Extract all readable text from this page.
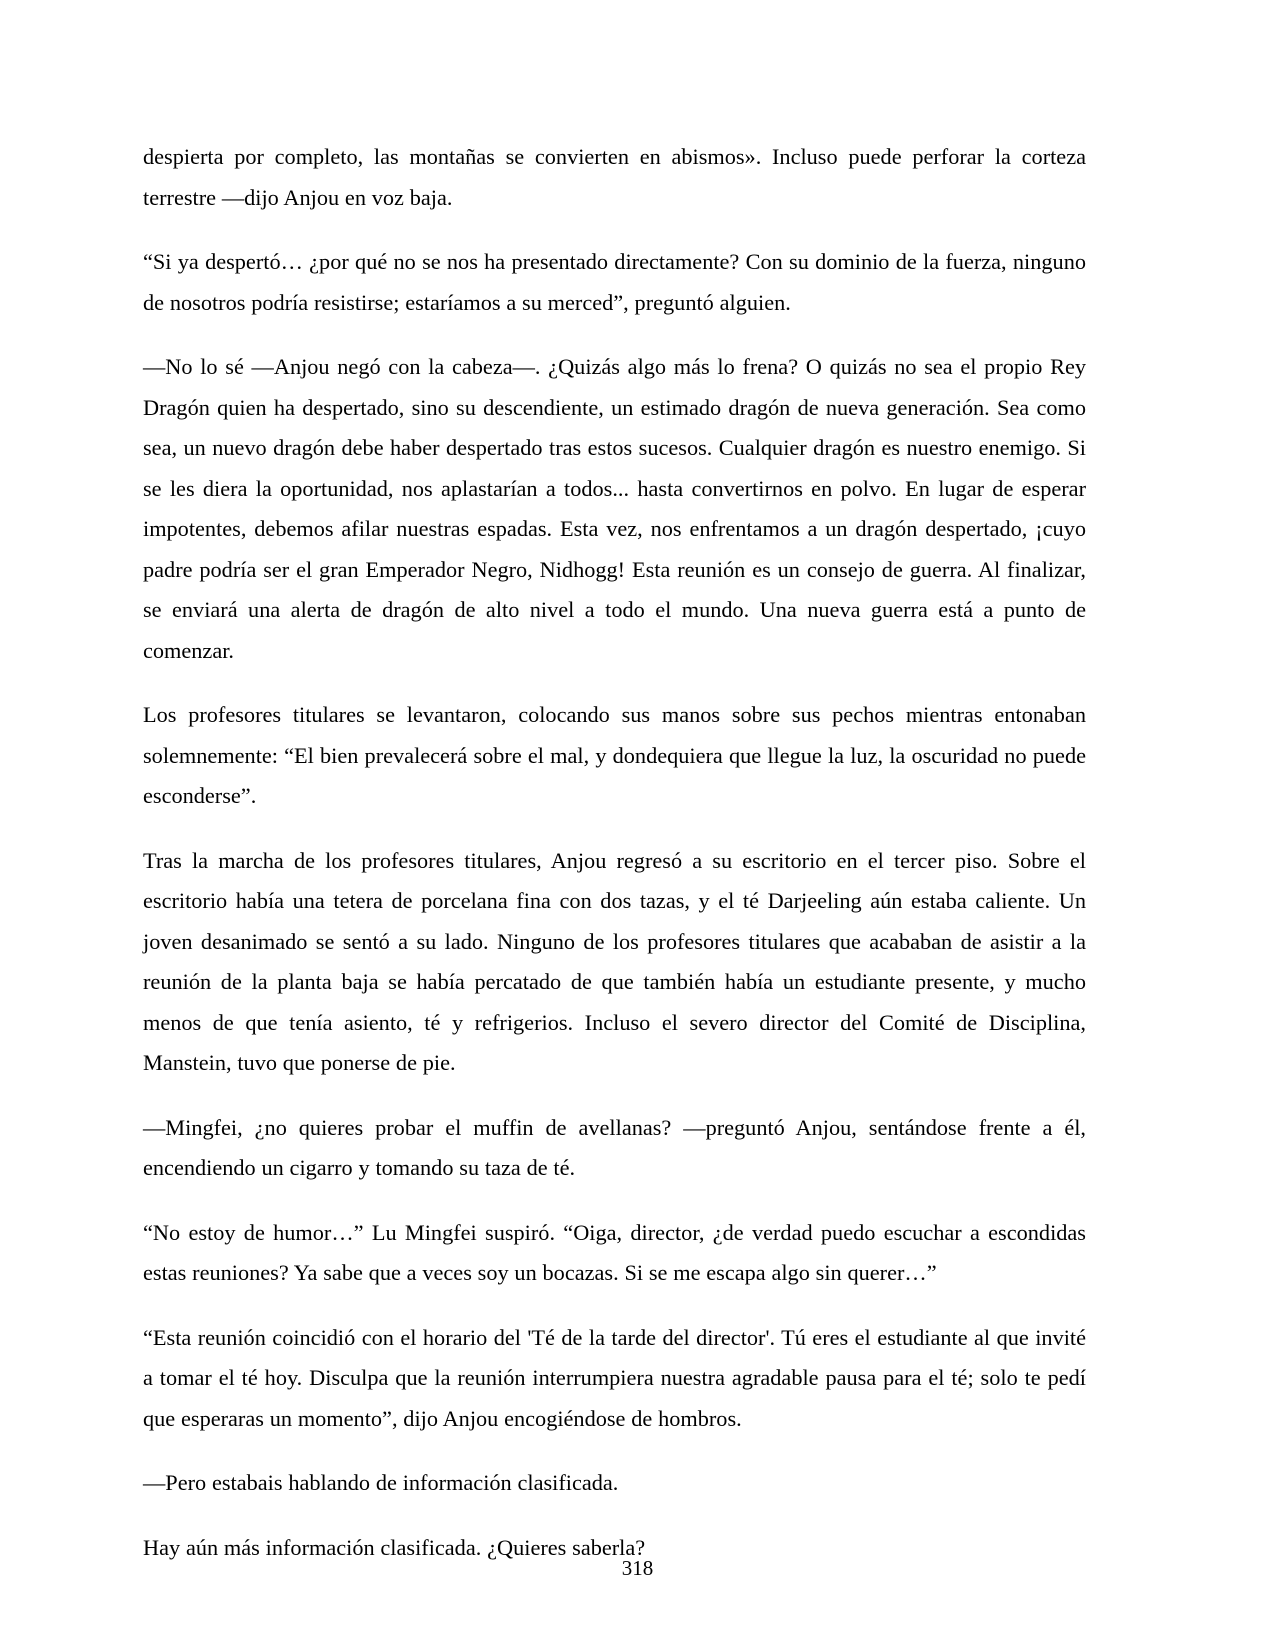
despierta por completo, las montañas se convierten en abismos». Incluso puede perforar la corteza terrestre —dijo Anjou en voz baja.

“Si ya despertó… ¿por qué no se nos ha presentado directamente? Con su dominio de la fuerza, ninguno de nosotros podría resistirse; estaríamos a su merced”, preguntó alguien.

—No lo sé —Anjou negó con la cabeza—. ¿Quizás algo más lo frena? O quizás no sea el propio Rey Dragón quien ha despertado, sino su descendiente, un estimado dragón de nueva generación. Sea como sea, un nuevo dragón debe haber despertado tras estos sucesos. Cualquier dragón es nuestro enemigo. Si se les diera la oportunidad, nos aplastarían a todos... hasta convertirnos en polvo. En lugar de esperar impotentes, debemos afilar nuestras espadas. Esta vez, nos enfrentamos a un dragón despertado, ¡cuyo padre podría ser el gran Emperador Negro, Nidhogg! Esta reunión es un consejo de guerra. Al finalizar, se enviará una alerta de dragón de alto nivel a todo el mundo. Una nueva guerra está a punto de comenzar.

Los profesores titulares se levantaron, colocando sus manos sobre sus pechos mientras entonaban solemnemente: “El bien prevalecerá sobre el mal, y dondequiera que llegue la luz, la oscuridad no puede esconderse”.

Tras la marcha de los profesores titulares, Anjou regresó a su escritorio en el tercer piso. Sobre el escritorio había una tetera de porcelana fina con dos tazas, y el té Darjeeling aún estaba caliente. Un joven desanimado se sentó a su lado. Ninguno de los profesores titulares que acababan de asistir a la reunión de la planta baja se había percatado de que también había un estudiante presente, y mucho menos de que tenía asiento, té y refrigerios. Incluso el severo director del Comité de Disciplina, Manstein, tuvo que ponerse de pie.

—Mingfei, ¿no quieres probar el muffin de avellanas? —preguntó Anjou, sentándose frente a él, encendiendo un cigarro y tomando su taza de té.

“No estoy de humor…” Lu Mingfei suspiró. “Oiga, director, ¿de verdad puedo escuchar a escondidas estas reuniones? Ya sabe que a veces soy un bocazas. Si se me escapa algo sin querer…”

“Esta reunión coincidió con el horario del 'Té de la tarde del director'. Tú eres el estudiante al que invité a tomar el té hoy. Disculpa que la reunión interrumpiera nuestra agradable pausa para el té; solo te pedí que esperaras un momento”, dijo Anjou encogiéndose de hombros.

—Pero estabais hablando de información clasificada.

Hay aún más información clasificada. ¿Quieres saberla?

318
